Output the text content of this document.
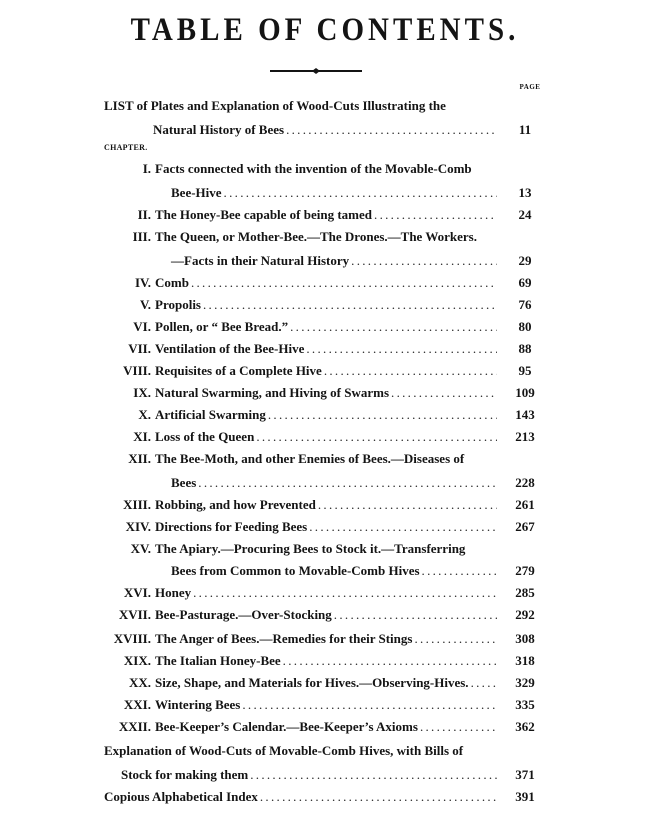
TABLE OF CONTENTS.
PAGE
CHAPTER.
LIST of Plates and Explanation of Wood-Cuts Illustrating the
11
Natural History of Bees
.....
Facts connected with the invention of the Movable-Comb
13
Bee-Hive
.....
I.
24
The Honey-Bee capable of being tamed
.....
II.
The Queen, or Mother-Bee.—The Drones.—The Workers.
29
—Facts in their Natural History
.....
III.
69
Comb
.....
IV.
76
Propolis
.....
V.
80
Pollen, or “ Bee Bread.”
.....
VI.
88
Ventilation of the Bee-Hive
.....
VII.
95
Requisites of a Complete Hive
.....
VIII.
109
Natural Swarming, and Hiving of Swarms
.....
IX.
143
Artificial Swarming
.....
X.
213
Loss of the Queen
.....
XI.
The Bee-Moth, and other Enemies of Bees.—Diseases of
228
Bees
.....
XII.
261
Robbing, and how Prevented
.....
XIII.
267
Directions for Feeding Bees
.....
XIV.
The Apiary.—Procuring Bees to Stock it.—Transferring
279
Bees from Common to Movable-Comb Hives
.....
XV.
285
Honey
.....
XVI.
292
Bee-Pasturage.—Over-Stocking
.....
XVII.
308
The Anger of Bees.—Remedies for their Stings
.....
XVIII.
318
The Italian Honey-Bee
.....
XIX.
329
Size, Shape, and Materials for Hives.—Observing-Hives.
.....
XX.
335
Wintering Bees
.....
XXI.
362
Bee-Keeper’s Calendar.—Bee-Keeper’s Axioms
.....
XXII.
Explanation of Wood-Cuts of Movable-Comb Hives, with Bills of
371
Stock for making them
.....
391
Copious Alphabetical Index
.....
